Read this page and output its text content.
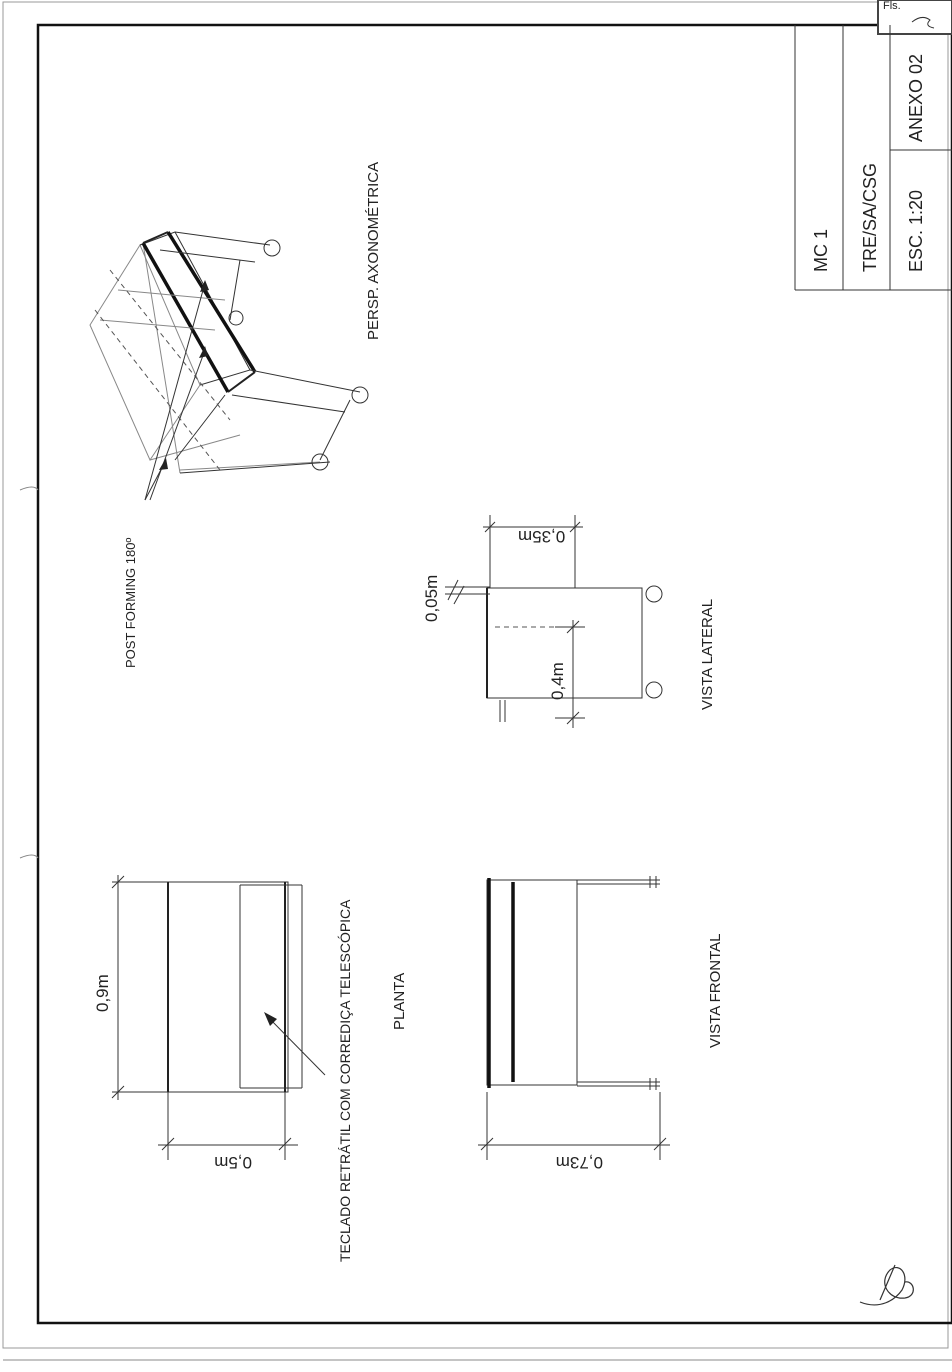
Fls.
MC 1 TRE/SA/CSG ESC. 1:20
ANEXO 02
PERSP. AXONOMÉTRICA
POST FORMING 180º
0,35m
0,05m
0,4m	VISTA LATERAL
0,9m
0,5m	TECLADO RETRÁTIL COM CORREDIÇA TELESCÓPICA	PLANTA
0,73m
VISTA FRONTAL
